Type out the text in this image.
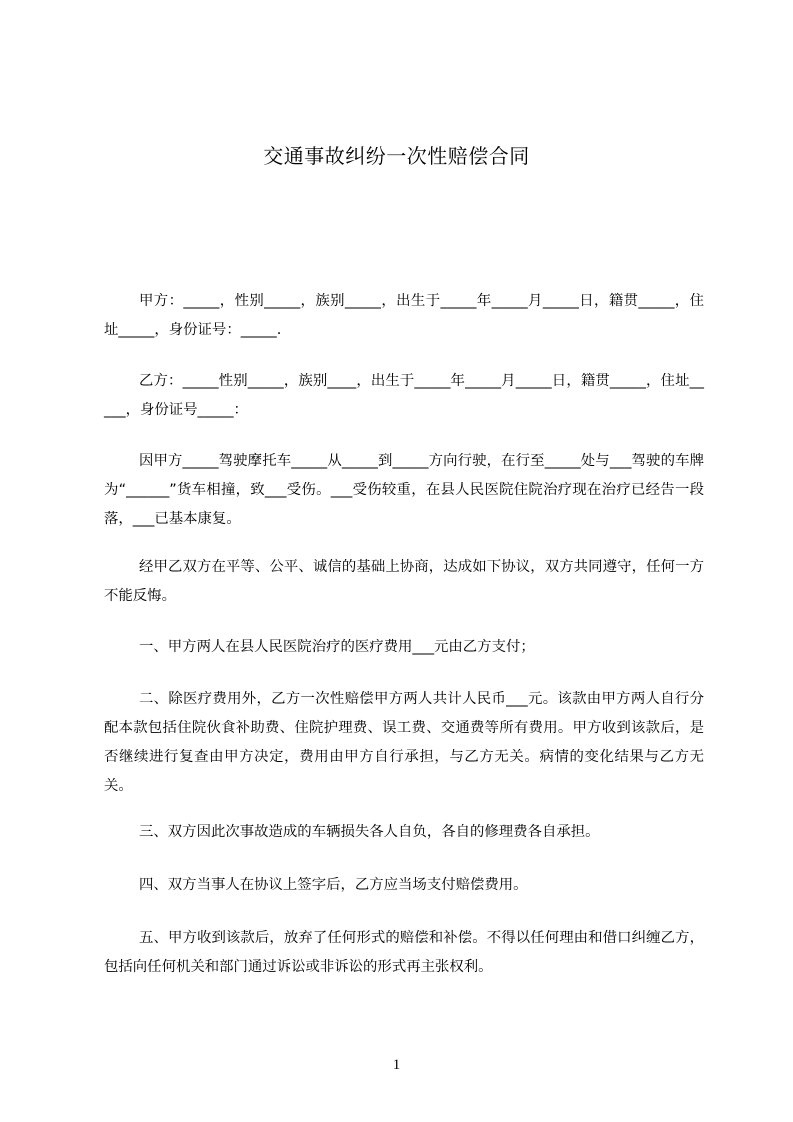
交通事故纠纷一次性赔偿合同
甲方：_____，性别_____，族别_____，出生于_____年_____月_____日，籍贯_____，住址_____，身份证号：_____.
乙方：_____性别_____，族别____，出生于_____年_____月_____日，籍贯_____，住址_____，身份证号_____：
因甲方_____驾驶摩托车_____从_____到_____方向行驶，在行至_____处与___驾驶的车牌为“______”货车相撞，致___受伤。___受伤较重，在县人民医院住院治疗现在治疗已经告一段落，___已基本康复。
经甲乙双方在平等、公平、诚信的基础上协商，达成如下协议，双方共同遵守，任何一方不能反悔。
一、甲方两人在县人民医院治疗的医疗费用___元由乙方支付；
二、除医疗费用外，乙方一次性赔偿甲方两人共计人民币___元。该款由甲方两人自行分配本款包括住院伙食补助费、住院护理费、误工费、交通费等所有费用。甲方收到该款后，是否继续进行复查由甲方决定，费用由甲方自行承担，与乙方无关。病情的变化结果与乙方无关。
三、双方因此次事故造成的车辆损失各人自负，各自的修理费各自承担。
四、双方当事人在协议上签字后，乙方应当场支付赔偿费用。
五、甲方收到该款后，放弃了任何形式的赔偿和补偿。不得以任何理由和借口纠缠乙方，包括向任何机关和部门通过诉讼或非诉讼的形式再主张权利。
1
